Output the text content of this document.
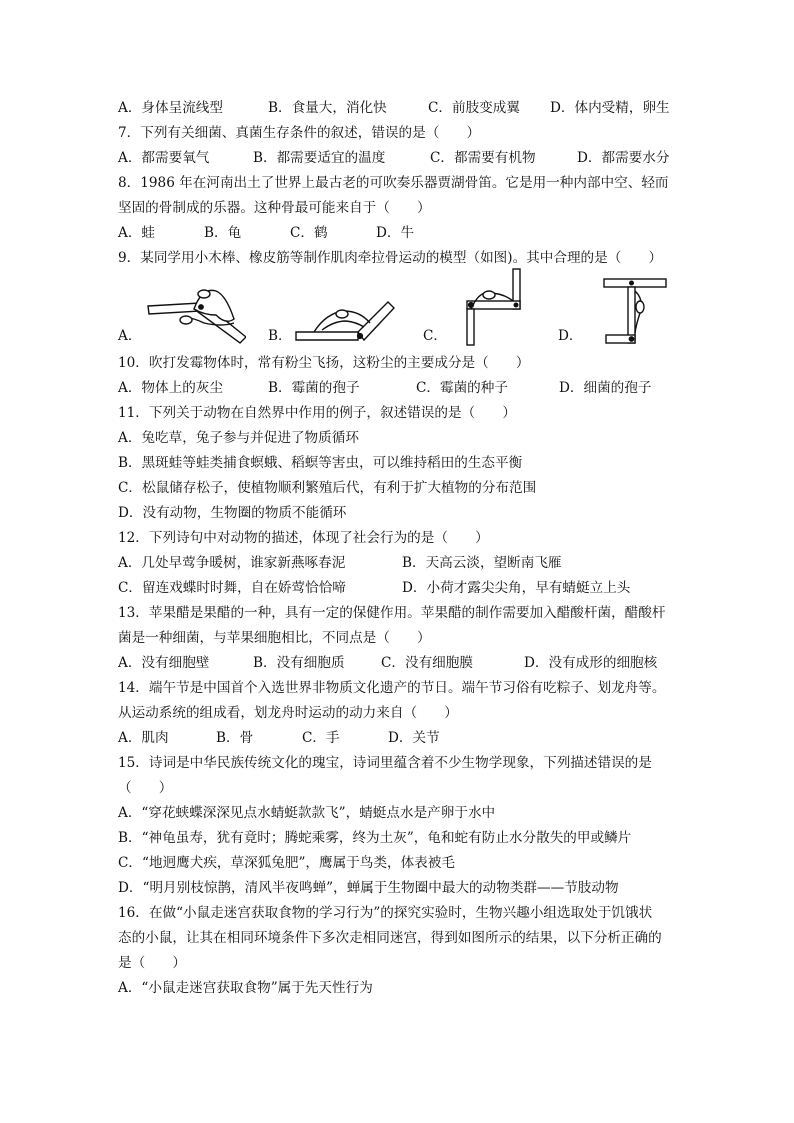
A．身体呈流线型	B．食量大，消化快	C．前肢变成翼	D．体内受精，卵生
7．下列有关细菌、真菌生存条件的叙述，错误的是（　　）
A．都需要氧气	B．都需要适宜的温度	C．都需要有机物	D．都需要水分
8．1986 年在河南出土了世界上最古老的可吹奏乐器贾湖骨笛。它是用一种内部中空、轻而
坚固的骨制成的乐器。这种骨最可能来自于（　　）
A．蛙	B．龟	C．鹤	D．牛
9．某同学用小木棒、橡皮筋等制作肌肉牵拉骨运动的模型（如图)。其中合理的是（　　）
A．	B．	C．	D．
10．吹打发霉物体时，常有粉尘飞扬，这粉尘的主要成分是（　　）
A．物体上的灰尘	B．霉菌的孢子	C．霉菌的种子	D．细菌的孢子
11．下列关于动物在自然界中作用的例子，叙述错误的是（　　）
A．兔吃草，兔子参与并促进了物质循环
B．黑斑蛙等蛙类捕食螟蛾、稻螟等害虫，可以维持稻田的生态平衡
C．松鼠储存松子，使植物顺利繁殖后代，有利于扩大植物的分布范围
D．没有动物，生物圈的物质不能循环
12．下列诗句中对动物的描述，体现了社会行为的是（　　）
A．几处早莺争暖树，谁家新燕啄春泥	B．天高云淡，望断南飞雁
C．留连戏蝶时时舞，自在娇莺恰恰啼	D．小荷才露尖尖角，早有蜻蜓立上头
13．苹果醋是果醋的一种，具有一定的保健作用。苹果醋的制作需要加入醋酸杆菌，醋酸杆
菌是一种细菌，与苹果细胞相比，不同点是（　　）
A．没有细胞壁	B．没有细胞质	C．没有细胞膜	D．没有成形的细胞核
14．端午节是中国首个入选世界非物质文化遗产的节日。端午节习俗有吃粽子、划龙舟等。
从运动系统的组成看，划龙舟时运动的动力来自（　　）
A．肌肉	B．骨	C．手	D．关节
15．诗词是中华民族传统文化的瑰宝，诗词里蕴含着不少生物学现象，下列描述错误的是
（　　）
A．“穿花蛱蝶深深见点水蜻蜓款款飞”，蜻蜓点水是产卵于水中
B．“神龟虽寿，犹有竟时；腾蛇乘雾，终为土灰”，龟和蛇有防止水分散失的甲或鳞片
C．“地迥鹰犬疾，草深狐兔肥”，鹰属于鸟类，体表被毛
D．“明月别枝惊鹊，清风半夜鸣蝉”，蝉属于生物圈中最大的动物类群——节肢动物
16．在做“小鼠走迷宫获取食物的学习行为”的探究实验时，生物兴趣小组选取处于饥饿状
态的小鼠，让其在相同环境条件下多次走相同迷宫，得到如图所示的结果，以下分析正确的
是（　　）
A．“小鼠走迷宫获取食物”属于先天性行为
